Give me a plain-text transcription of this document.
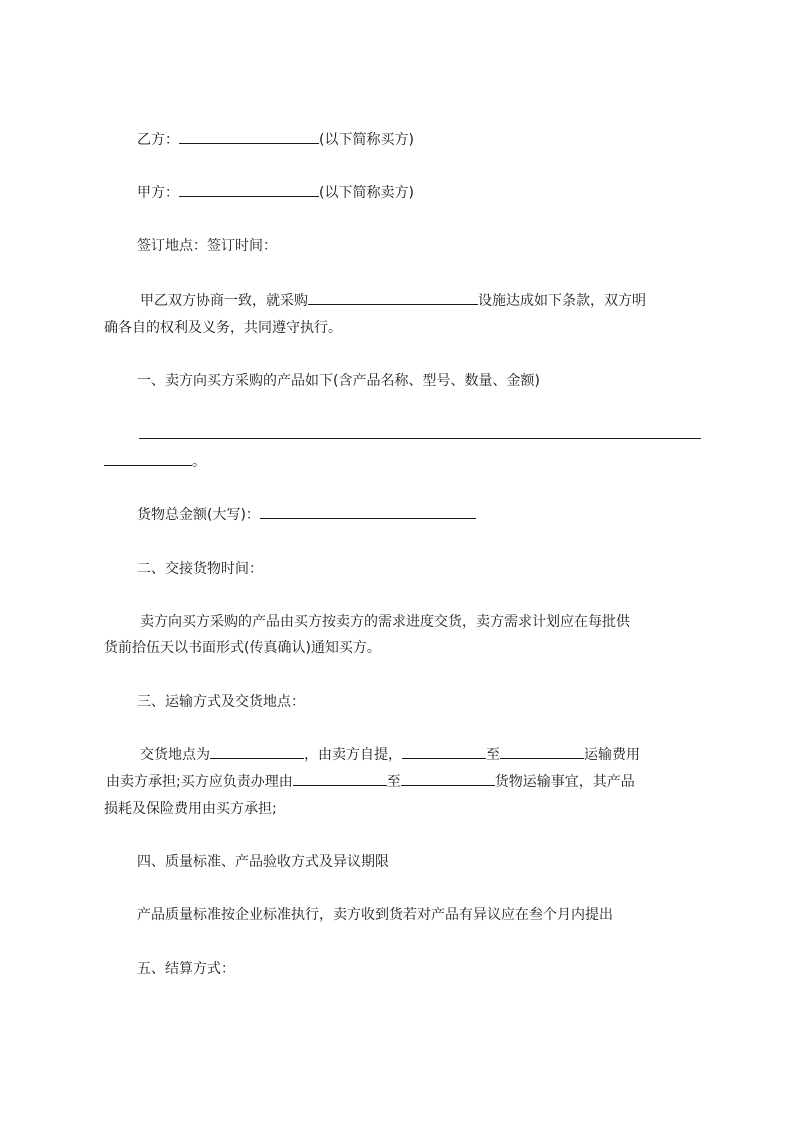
乙方：	(以下简称买方)
甲方：	(以下简称卖方)
签订地点：签订时间：
甲乙双方协商一致，就采购	设施达成如下条款，双方明
确各自的权利及义务，共同遵守执行。
一、卖方向买方采购的产品如下(含产品名称、型号、数量、金额)
。
货物总金额(大写)：
二、交接货物时间：
卖方向买方采购的产品由买方按卖方的需求进度交货，卖方需求计划应在每批供
货前拾伍天以书面形式(传真确认)通知买方。
三、运输方式及交货地点：
交货地点为	，由卖方自提，	至	运输费用
由卖方承担;买方应负责办理由	至	货物运输事宜，其产品
损耗及保险费用由买方承担;
四、质量标准、产品验收方式及异议期限
产品质量标准按企业标准执行，卖方收到货若对产品有异议应在叁个月内提出
五、结算方式：
